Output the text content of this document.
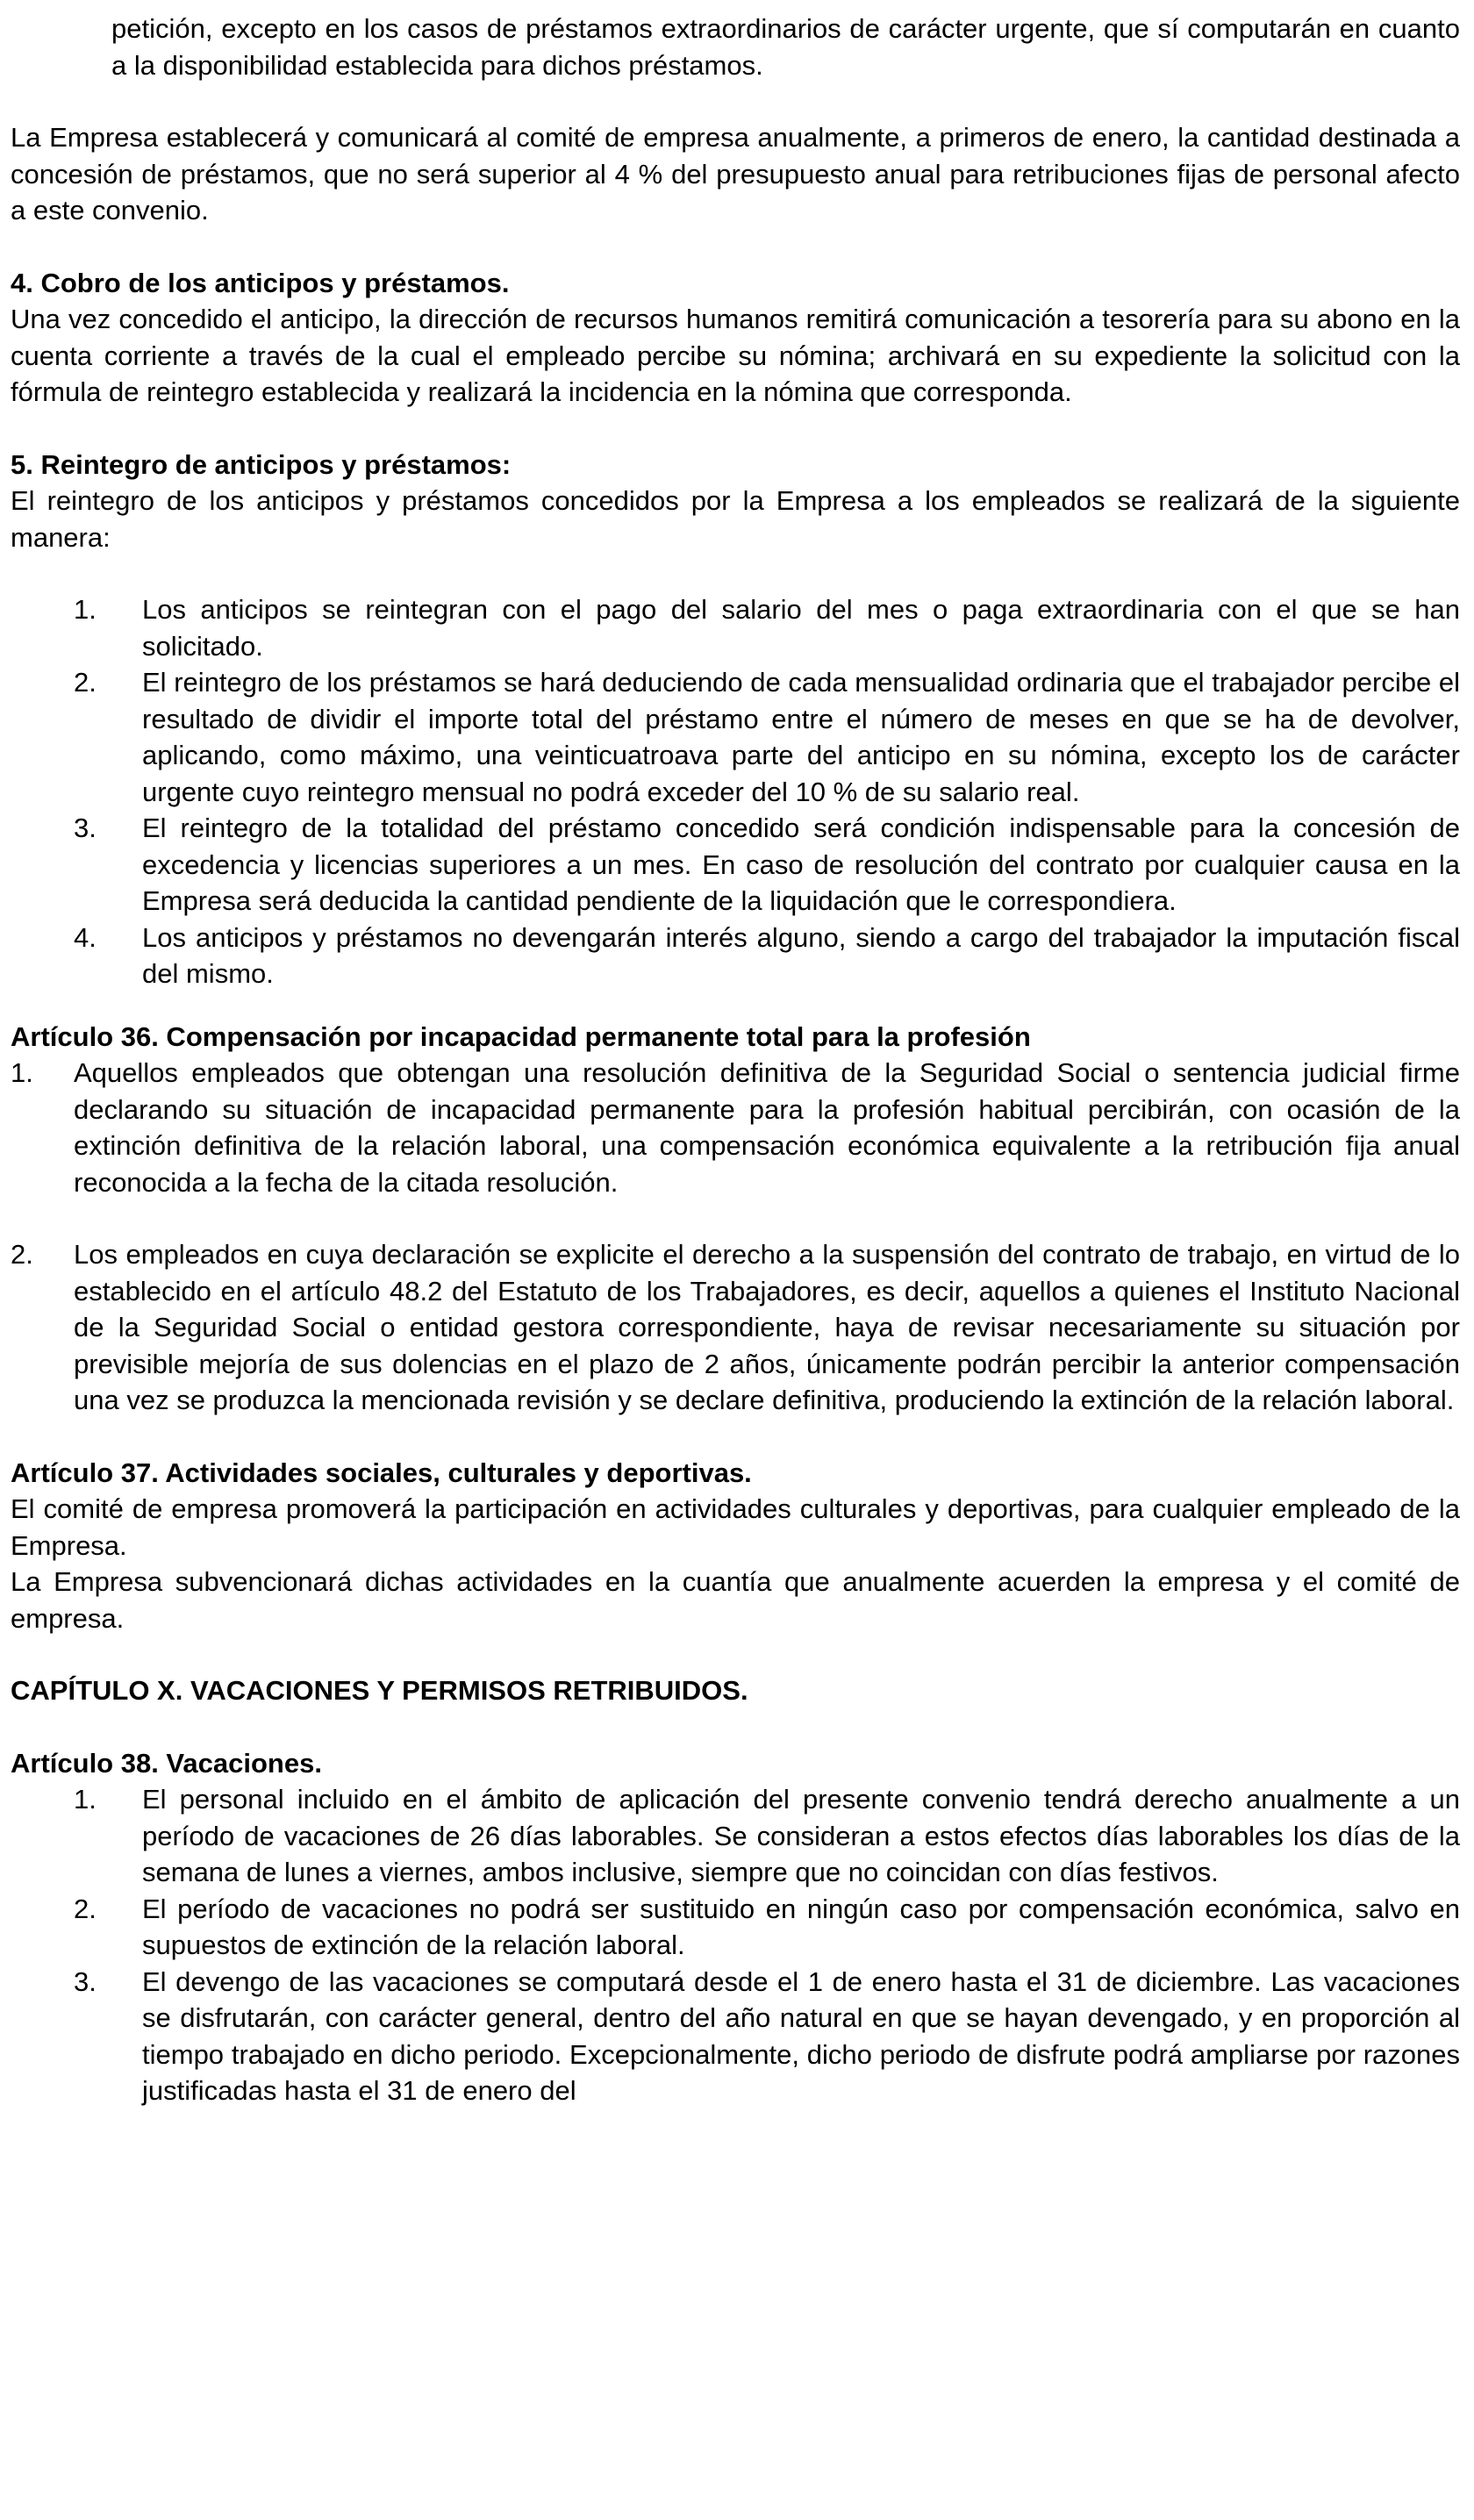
petición, excepto en los casos de préstamos extraordinarios de carácter urgente, que sí computarán en cuanto a la disponibilidad establecida para dichos préstamos.

La Empresa establecerá y comunicará al comité de empresa anualmente, a primeros de enero, la cantidad destinada a concesión de préstamos, que no será superior al 4 % del presupuesto anual para retribuciones fijas de personal afecto a este convenio.

4. Cobro de los anticipos y préstamos.

Una vez concedido el anticipo, la dirección de recursos humanos remitirá comunicación a tesorería para su abono en la cuenta corriente a través de la cual el empleado percibe su nómina; archivará en su expediente la solicitud con la fórmula de reintegro establecida y realizará la incidencia en la nómina que corresponda.

5. Reintegro de anticipos y préstamos:

El reintegro de los anticipos y préstamos concedidos por la Empresa a los empleados se realizará de la siguiente manera:

1. Los anticipos se reintegran con el pago del salario del mes o paga extraordinaria con el que se han solicitado.
2. El reintegro de los préstamos se hará deduciendo de cada mensualidad ordinaria que el trabajador percibe el resultado de dividir el importe total del préstamo entre el número de meses en que se ha de devolver, aplicando, como máximo, una veinticuatroava parte del anticipo en su nómina, excepto los de carácter urgente cuyo reintegro mensual no podrá exceder del 10 % de su salario real.
3. El reintegro de la totalidad del préstamo concedido será condición indispensable para la concesión de excedencia y licencias superiores a un mes. En caso de resolución del contrato por cualquier causa en la Empresa será deducida la cantidad pendiente de la liquidación que le correspondiera.
4. Los anticipos y préstamos no devengarán interés alguno, siendo a cargo del trabajador la imputación fiscal del mismo.
Artículo 36. Compensación por incapacidad permanente total para la profesión
1. Aquellos empleados que obtengan una resolución definitiva de la Seguridad Social o sentencia judicial firme declarando su situación de incapacidad permanente para la profesión habitual percibirán, con ocasión de la extinción definitiva de la relación laboral, una compensación económica equivalente a la retribución fija anual reconocida a la fecha de la citada resolución.
2. Los empleados en cuya declaración se explicite el derecho a la suspensión del contrato de trabajo, en virtud de lo establecido en el artículo 48.2 del Estatuto de los Trabajadores, es decir, aquellos a quienes el Instituto Nacional de la Seguridad Social o entidad gestora correspondiente, haya de revisar necesariamente su situación por previsible mejoría de sus dolencias en el plazo de 2 años, únicamente podrán percibir la anterior compensación una vez se produzca la mencionada revisión y se declare definitiva, produciendo la extinción de la relación laboral.
Artículo 37. Actividades sociales, culturales y deportivas.

El comité de empresa promoverá la participación en actividades culturales y deportivas, para cualquier empleado de la Empresa.

La Empresa subvencionará dichas actividades en la cuantía que anualmente acuerden la empresa y el comité de empresa.

CAPÍTULO X. VACACIONES Y PERMISOS RETRIBUIDOS.
Artículo 38. Vacaciones.
1. El personal incluido en el ámbito de aplicación del presente convenio tendrá derecho anualmente a un período de vacaciones de 26 días laborables. Se consideran a estos efectos días laborables los días de la semana de lunes a viernes, ambos inclusive, siempre que no coincidan con días festivos.
2. El período de vacaciones no podrá ser sustituido en ningún caso por compensación económica, salvo en supuestos de extinción de la relación laboral.
3. El devengo de las vacaciones se computará desde el 1 de enero hasta el 31 de diciembre. Las vacaciones se disfrutarán, con carácter general, dentro del año natural en que se hayan devengado, y en proporción al tiempo trabajado en dicho periodo. Excepcionalmente, dicho periodo de disfrute podrá ampliarse por razones justificadas hasta el 31 de enero del
